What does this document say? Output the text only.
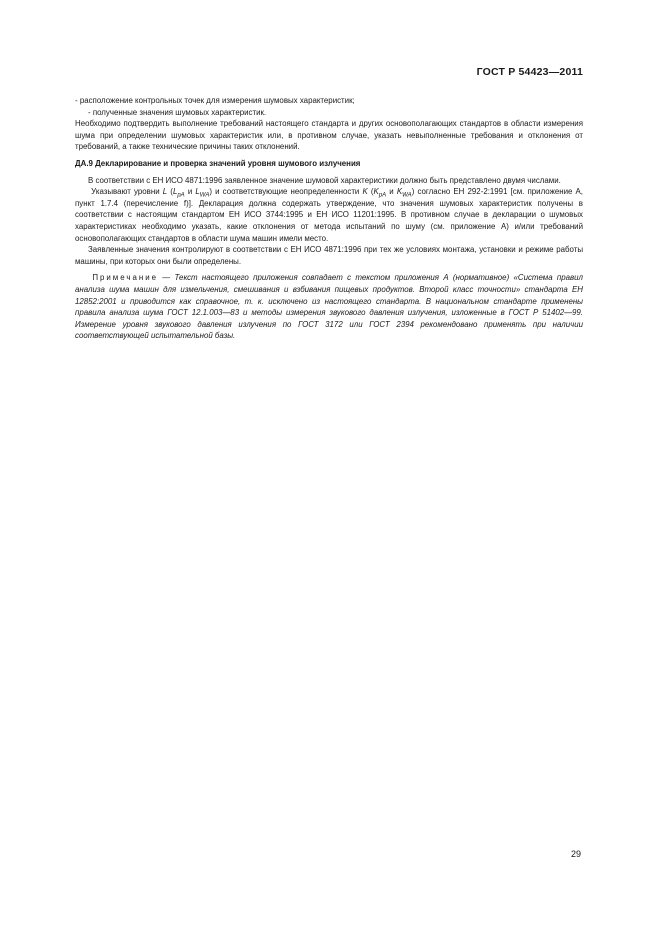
ГОСТ Р 54423—2011

- расположение контрольных точек для измерения шумовых характеристик;

- полученные значения шумовых характеристик.

Необходимо подтвердить выполнение требований настоящего стандарта и других основополагающих стандартов в области измерения шума при определении шумовых характеристик или, в противном случае, указать невыполненные требования и отклонения от требований, а также технические причины таких отклонений.

ДА.9 Декларирование и проверка значений уровня шумового излучения

В соответствии с ЕН ИСО 4871:1996 заявленное значение шумовой характеристики должно быть представлено двумя числами.

Указывают уровни L ($L_{pA}$ и $L_{WA}$) и соответствующие неопределенности K ($K_{pA}$ и $K_{WA}$) согласно ЕН 292-2:1991 [см. приложение А, пункт 1.7.4 (перечисление f)]. Декларация должна содержать утверждение, что значения шумовых характеристик получены в соответствии с настоящим стандартом ЕН ИСО 3744:1995 и ЕН ИСО 11201:1995. В противном случае в декларации о шумовых характеристиках необходимо указать, какие отклонения от метода испытаний по шуму (см. приложение А) и/или требований основополагающих стандартов в области шума машин имели место.

Заявленные значения контролируют в соответствии с ЕН ИСО 4871:1996 при тех же условиях монтажа, установки и режиме работы машины, при которых они были определены.

Примечание — Текст настоящего приложения совпадает с текстом приложения А (нормативное) «Система правил анализа шума машин для измельчения, смешивания и взбивания пищевых продуктов. Второй класс точности» стандарта ЕН 12852:2001 и приводится как справочное, т. к. исключено из настоящего стандарта. В национальном стандарте применены правила анализа шума ГОСТ 12.1.003—83 и методы измерения звукового давления излучения, изложенные в ГОСТ Р 51402—99. Измерение уровня звукового давления излучения по ГОСТ 3172 или ГОСТ 2394 рекомендовано применять при наличии соответствующей испытательной базы.

29
